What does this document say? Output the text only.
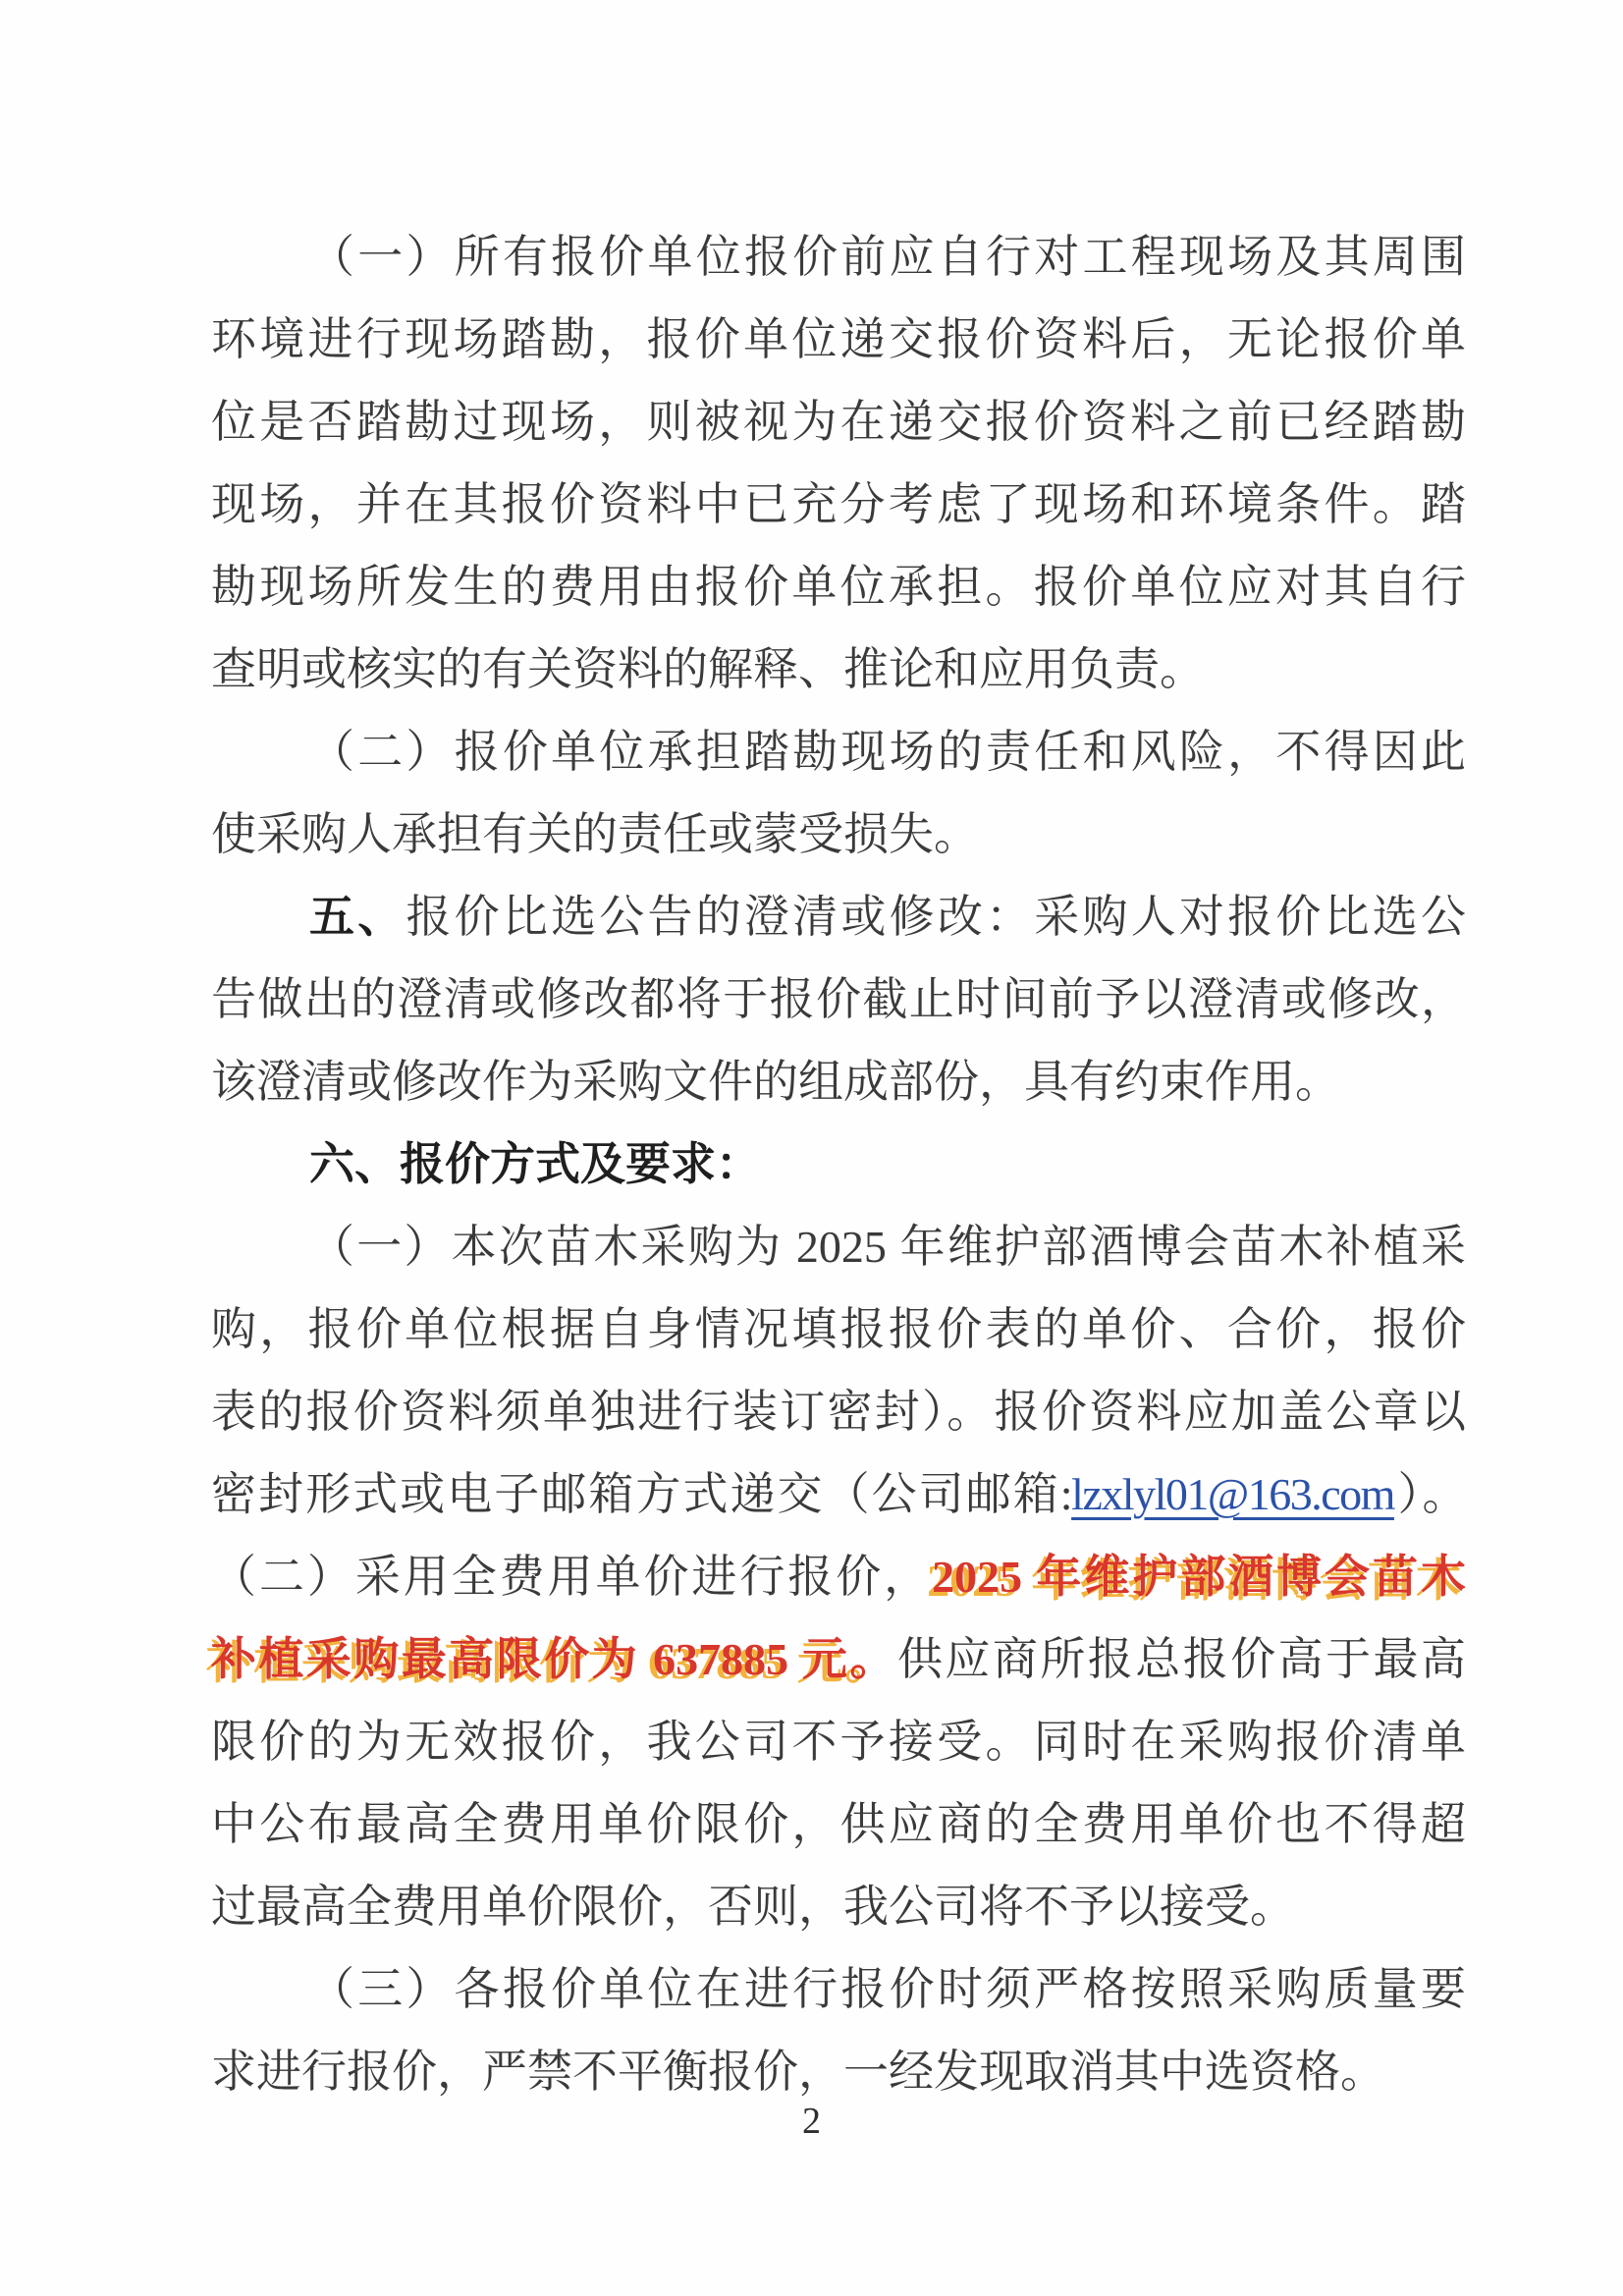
（一）所有报价单位报价前应自行对工程现场及其周围
环境进行现场踏勘，报价单位递交报价资料后，无论报价单
位是否踏勘过现场，则被视为在递交报价资料之前已经踏勘
现场，并在其报价资料中已充分考虑了现场和环境条件。踏
勘现场所发生的费用由报价单位承担。报价单位应对其自行
查明或核实的有关资料的解释、推论和应用负责。
（二）报价单位承担踏勘现场的责任和风险，不得因此
使采购人承担有关的责任或蒙受损失。
五、报价比选公告的澄清或修改：采购人对报价比选公
告做出的澄清或修改都将于报价截止时间前予以澄清或修改，
该澄清或修改作为采购文件的组成部份，具有约束作用。
六、报价方式及要求：
（一）本次苗木采购为 2025 年维护部酒博会苗木补植采
购，报价单位根据自身情况填报报价表的单价、合价，报价
表的报价资料须单独进行装订密封）。报价资料应加盖公章以
密封形式或电子邮箱方式递交（公司邮箱:lzxlyl01@163.com）。
（二）采用全费用单价进行报价，2025 年维护部酒博会苗木
补植采购最高限价为 637885 元。供应商所报总报价高于最高
限价的为无效报价，我公司不予接受。同时在采购报价清单
中公布最高全费用单价限价，供应商的全费用单价也不得超
过最高全费用单价限价，否则，我公司将不予以接受。
（三）各报价单位在进行报价时须严格按照采购质量要
求进行报价，严禁不平衡报价，一经发现取消其中选资格。
2
